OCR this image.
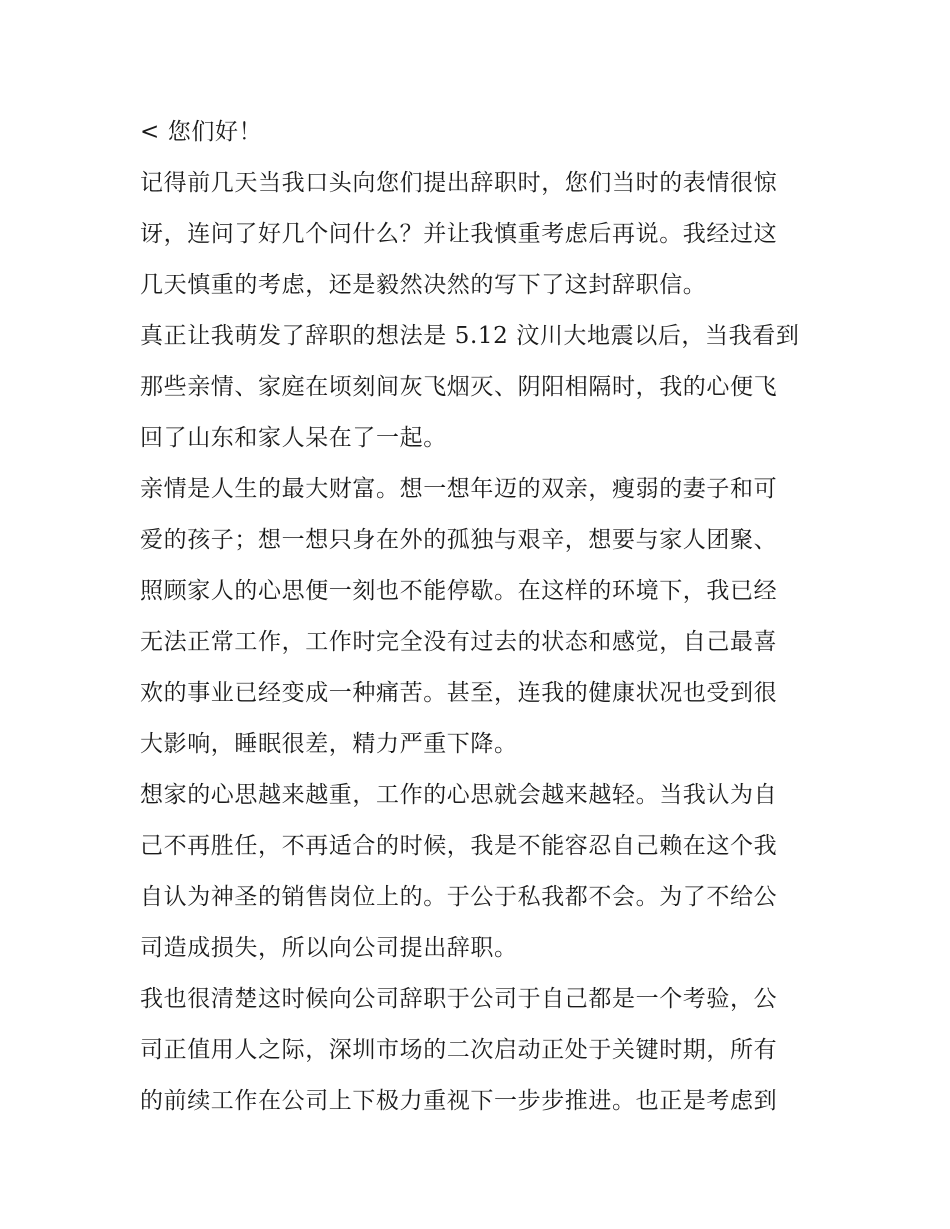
< 您们好！
记得前几天当我口头向您们提出辞职时，您们当时的表情很惊
讶，连问了好几个问什么？并让我慎重考虑后再说。我经过这
几天慎重的考虑，还是毅然决然的写下了这封辞职信。
真正让我萌发了辞职的想法是 5.12 汶川大地震以后，当我看到
那些亲情、家庭在顷刻间灰飞烟灭、阴阳相隔时，我的心便飞
回了山东和家人呆在了一起。
亲情是人生的最大财富。想一想年迈的双亲，瘦弱的妻子和可
爱的孩子；想一想只身在外的孤独与艰辛，想要与家人团聚、
照顾家人的心思便一刻也不能停歇。在这样的环境下，我已经
无法正常工作，工作时完全没有过去的状态和感觉，自己最喜
欢的事业已经变成一种痛苦。甚至，连我的健康状况也受到很
大影响，睡眠很差，精力严重下降。
想家的心思越来越重，工作的心思就会越来越轻。当我认为自
己不再胜任，不再适合的时候，我是不能容忍自己赖在这个我
自认为神圣的销售岗位上的。于公于私我都不会。为了不给公
司造成损失，所以向公司提出辞职。
我也很清楚这时候向公司辞职于公司于自己都是一个考验，公
司正值用人之际，深圳市场的二次启动正处于关键时期，所有
的前续工作在公司上下极力重视下一步步推进。也正是考虑到
